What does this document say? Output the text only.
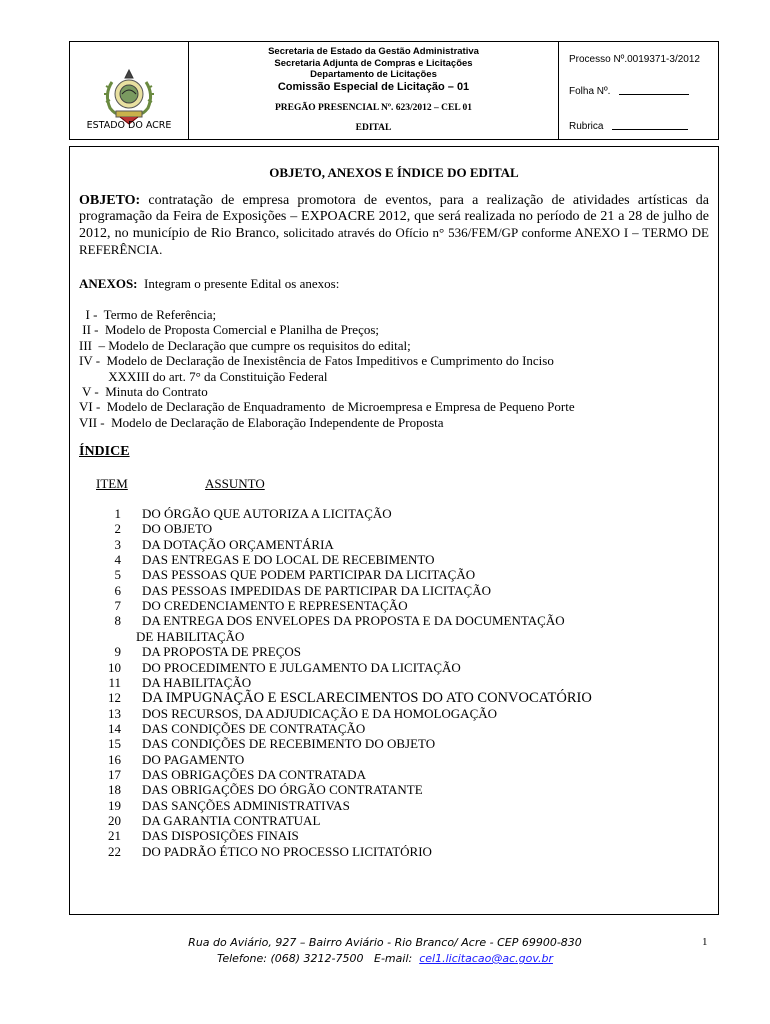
ESTADO DO ACRE
Secretaria de Estado da Gestão Administrativa
Secretaria Adjunta de Compras e Licitações
Departamento de Licitações
Comissão Especial de Licitação – 01
PREGÃO PRESENCIAL Nº. 623/2012 – CEL 01
EDITAL
Processo Nº.0019371-3/2012
Folha Nº.
Rubrica
OBJETO, ANEXOS E ÍNDICE DO EDITAL
OBJETO: contratação de empresa promotora de eventos, para a realização de atividades artísticas da programação da Feira de Exposições – EXPOACRE 2012, que será realizada no período de 21 a 28 de julho de 2012, no município de Rio Branco, solicitado através do Ofício n° 536/FEM/GP conforme ANEXO I – TERMO DE REFERÊNCIA.
ANEXOS: Integram o presente Edital os anexos:
I -  Termo de Referência;
II -  Modelo de Proposta Comercial e Planilha de Preços;
III  – Modelo de Declaração que cumpre os requisitos do edital;
IV -  Modelo de Declaração de Inexistência de Fatos Impeditivos e Cumprimento do Inciso
XXXIII do art. 7° da Constituição Federal
V -  Minuta do Contrato
VI -  Modelo de Declaração de Enquadramento  de Microempresa e Empresa de Pequeno Porte
VII -  Modelo de Declaração de Elaboração Independente de Proposta
ÍNDICE
ITEM	ASSUNTO
1 DO ÓRGÃO QUE AUTORIZA A LICITAÇÃO
2 DO OBJETO
3 DA DOTAÇÃO ORÇAMENTÁRIA
4 DAS ENTREGAS E DO LOCAL DE RECEBIMENTO
5 DAS PESSOAS QUE PODEM PARTICIPAR DA LICITAÇÃO
6 DAS PESSOAS IMPEDIDAS DE PARTICIPAR DA LICITAÇÃO
7 DO CREDENCIAMENTO E REPRESENTAÇÃO
8 DA ENTREGA DOS ENVELOPES DA PROPOSTA E DA DOCUMENTAÇÃO
DE HABILITAÇÃO
9 DA PROPOSTA DE PREÇOS
10 DO PROCEDIMENTO E JULGAMENTO DA LICITAÇÃO
11 DA HABILITAÇÃO
12 DA IMPUGNAÇÃO E ESCLARECIMENTOS DO ATO CONVOCATÓRIO
13 DOS RECURSOS, DA ADJUDICAÇÃO E DA HOMOLOGAÇÃO
14 DAS CONDIÇÕES DE CONTRATAÇÃO
15 DAS CONDIÇÕES DE RECEBIMENTO DO OBJETO
16 DO PAGAMENTO
17 DAS OBRIGAÇÕES DA CONTRATADA
18 DAS OBRIGAÇÕES DO ÓRGÃO CONTRATANTE
19 DAS SANÇÕES ADMINISTRATIVAS
20 DA GARANTIA CONTRATUAL
21 DAS DISPOSIÇÕES FINAIS
22 DO PADRÃO ÉTICO NO PROCESSO LICITATÓRIO
Rua do Aviário, 927 – Bairro Aviário - Rio Branco/ Acre - CEP 69900-830
Telefone: (068) 3212-7500 E-mail: cel1.licitacao@ac.gov.br
1
